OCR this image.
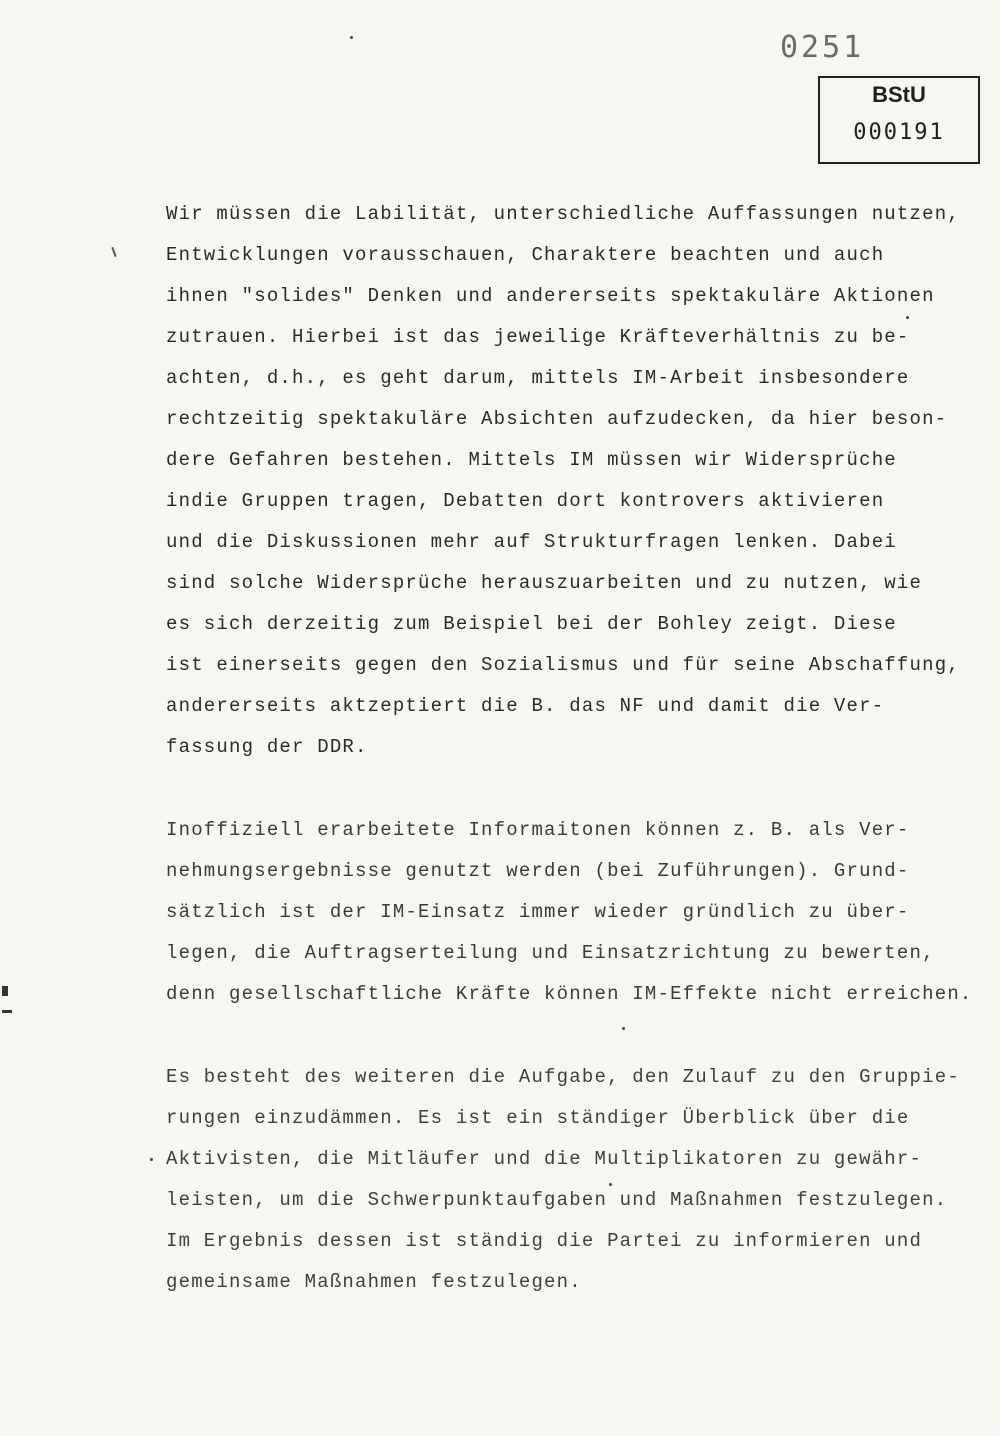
0251
BStU
000191
Wir müssen die Labilität, unterschiedliche Auffassungen nutzen,
Entwicklungen vorausschauen, Charaktere beachten und auch
ihnen "solides" Denken und andererseits spektakuläre Aktionen
zutrauen. Hierbei ist das jeweilige Kräfteverhältnis zu be-
achten, d.h., es geht darum, mittels IM-Arbeit insbesondere
rechtzeitig spektakuläre Absichten aufzudecken, da hier beson-
dere Gefahren bestehen. Mittels IM müssen wir Widersprüche
indie Gruppen tragen, Debatten dort kontrovers aktivieren
und die Diskussionen mehr auf Strukturfragen lenken. Dabei
sind solche Widersprüche herauszuarbeiten und zu nutzen, wie
es sich derzeitig zum Beispiel bei der Bohley zeigt. Diese
ist einerseits gegen den Sozialismus und für seine Abschaffung,
andererseits aktzeptiert die B. das NF und damit die Ver-
fassung der DDR.
Inoffiziell erarbeitete Informaitonen können z. B. als Ver-
nehmungsergebnisse genutzt werden (bei Zuführungen). Grund-
sätzlich ist der IM-Einsatz immer wieder gründlich zu über-
legen, die Auftragserteilung und Einsatzrichtung zu bewerten,
denn gesellschaftliche Kräfte können IM-Effekte nicht erreichen.
Es besteht des weiteren die Aufgabe, den Zulauf zu den Gruppie-
rungen einzudämmen. Es ist ein ständiger Überblick über die
Aktivisten, die Mitläufer und die Multiplikatoren zu gewähr-
leisten, um die Schwerpunktaufgaben und Maßnahmen festzulegen.
Im Ergebnis dessen ist ständig die Partei zu informieren und
gemeinsame Maßnahmen festzulegen.
